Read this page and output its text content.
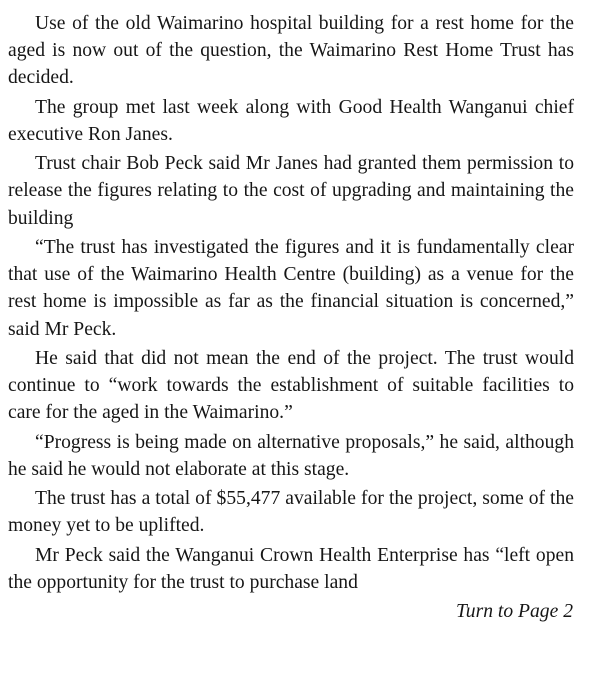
Use of the old Waimarino hospital building for a rest home for the aged is now out of the question, the Waimarino Rest Home Trust has decided.

The group met last week along with Good Health Wanganui chief executive Ron Janes.

Trust chair Bob Peck said Mr Janes had granted them permission to release the figures relating to the cost of upgrading and maintaining the building

“The trust has investigated the figures and it is fundamentally clear that use of the Waimarino Health Centre (building) as a venue for the rest home is impossible as far as the financial situation is concerned,” said Mr Peck.

He said that did not mean the end of the project. The trust would continue to “work towards the establishment of suitable facilities to care for the aged in the Waimarino.”

“Progress is being made on alternative proposals,” he said, although he said he would not elaborate at this stage.

The trust has a total of $55,477 available for the project, some of the money yet to be uplifted.

Mr Peck said the Wanganui Crown Health Enterprise has “left open the opportunity for the trust to purchase land

Turn to Page 2
